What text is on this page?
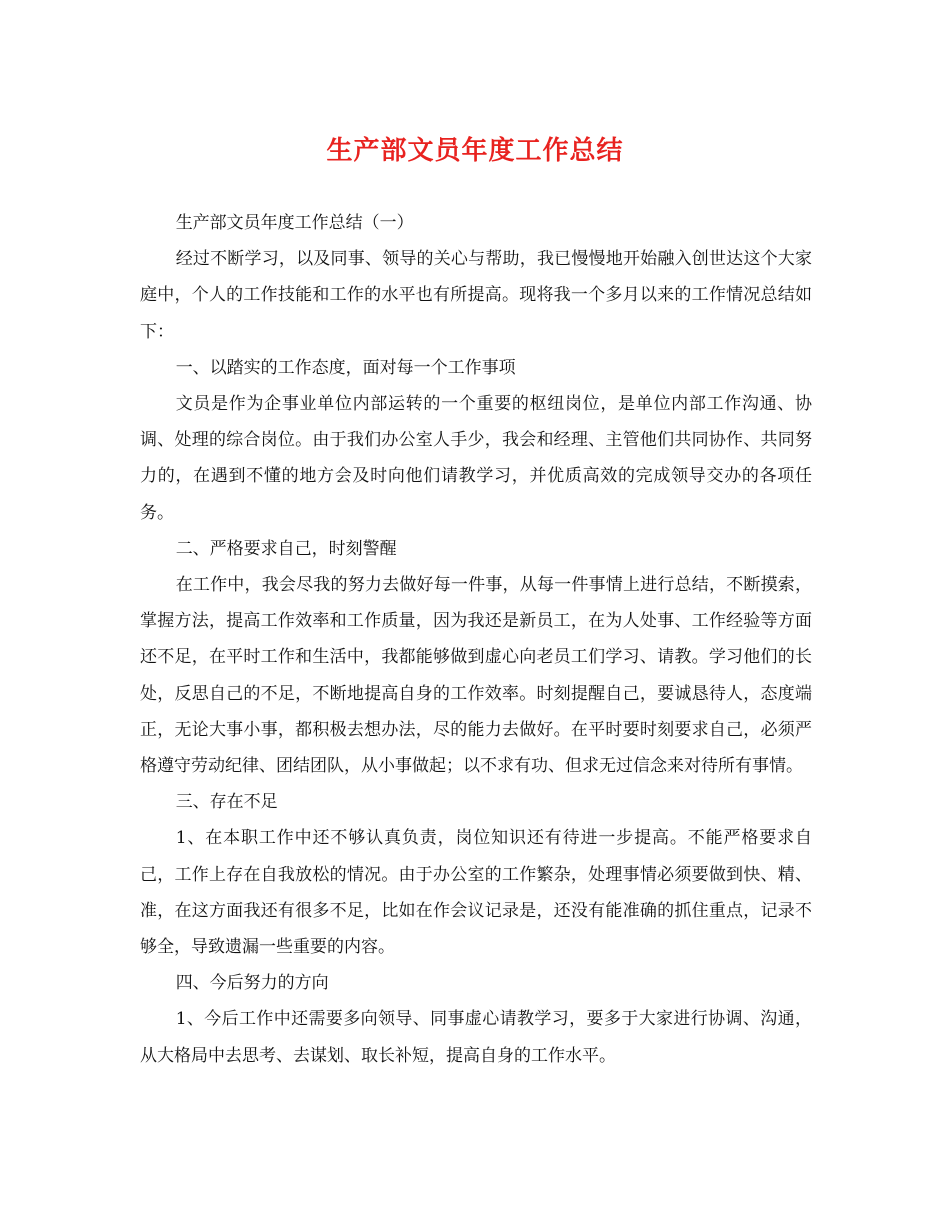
生产部文员年度工作总结

生产部文员年度工作总结（一）

经过不断学习，以及同事、领导的关心与帮助，我已慢慢地开始融入创世达这个大家庭中，个人的工作技能和工作的水平也有所提高。现将我一个多月以来的工作情况总结如下：

一、以踏实的工作态度，面对每一个工作事项

文员是作为企事业单位内部运转的一个重要的枢纽岗位，是单位内部工作沟通、协调、处理的综合岗位。由于我们办公室人手少，我会和经理、主管他们共同协作、共同努力的，在遇到不懂的地方会及时向他们请教学习，并优质高效的完成领导交办的各项任务。

二、严格要求自己，时刻警醒

在工作中，我会尽我的努力去做好每一件事，从每一件事情上进行总结，不断摸索，掌握方法，提高工作效率和工作质量，因为我还是新员工，在为人处事、工作经验等方面还不足，在平时工作和生活中，我都能够做到虚心向老员工们学习、请教。学习他们的长处，反思自己的不足，不断地提高自身的工作效率。时刻提醒自己，要诚恳待人，态度端正，无论大事小事，都积极去想办法，尽的能力去做好。在平时要时刻要求自己，必须严格遵守劳动纪律、团结团队，从小事做起；以不求有功、但求无过信念来对待所有事情。

三、存在不足

1、在本职工作中还不够认真负责，岗位知识还有待进一步提高。不能严格要求自己，工作上存在自我放松的情况。由于办公室的工作繁杂，处理事情必须要做到快、精、准，在这方面我还有很多不足，比如在作会议记录是，还没有能准确的抓住重点，记录不够全，导致遗漏一些重要的内容。

四、今后努力的方向

1、今后工作中还需要多向领导、同事虚心请教学习，要多于大家进行协调、沟通，从大格局中去思考、去谋划、取长补短，提高自身的工作水平。
